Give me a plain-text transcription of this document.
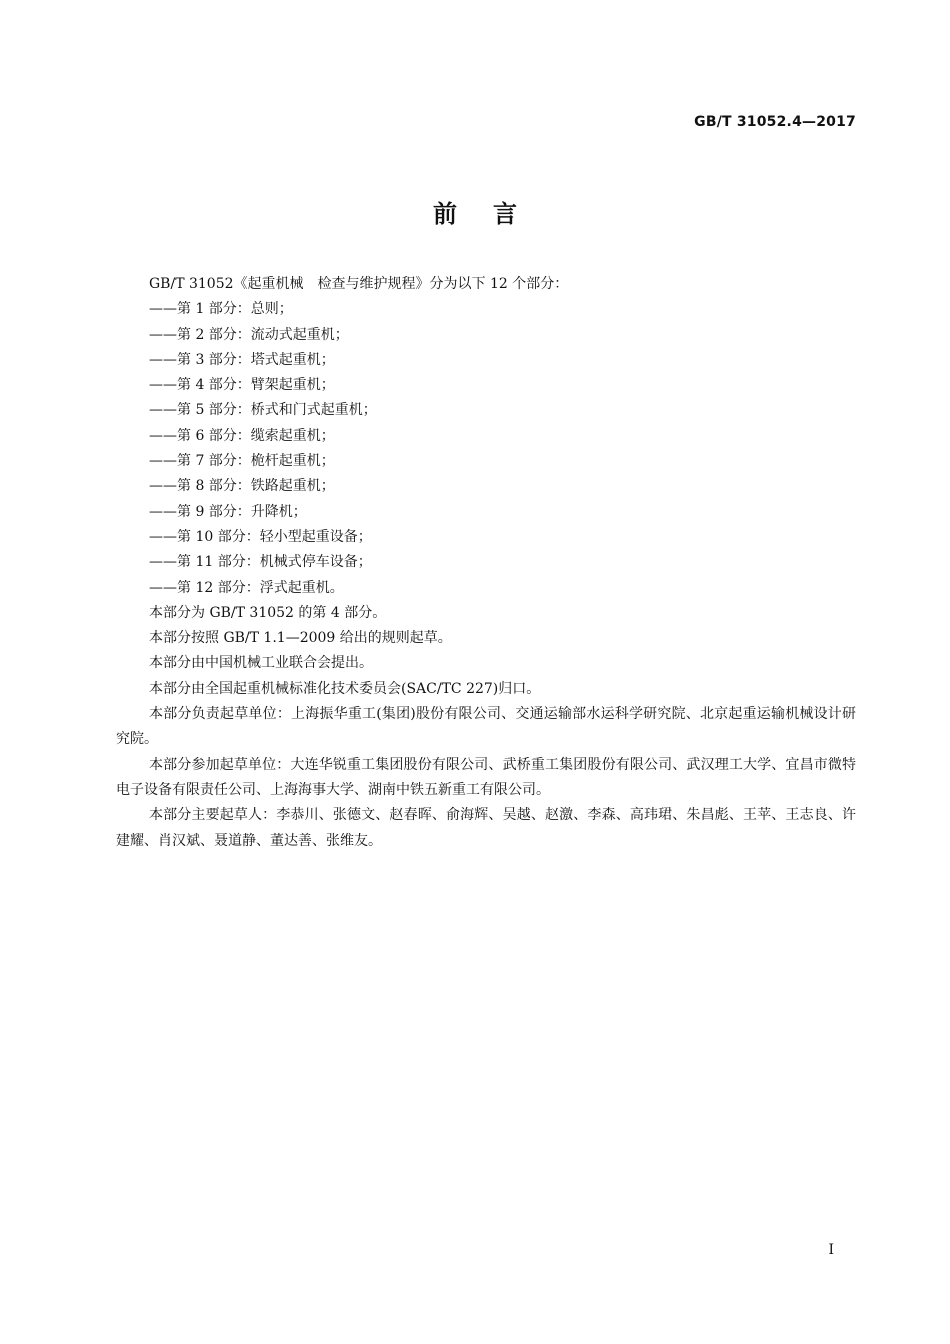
GB/T 31052.4—2017
前言

GB/T 31052《起重机械　检查与维护规程》分为以下 12 个部分：

——第 1 部分：总则；

——第 2 部分：流动式起重机；

——第 3 部分：塔式起重机；

——第 4 部分：臂架起重机；

——第 5 部分：桥式和门式起重机；

——第 6 部分：缆索起重机；

——第 7 部分：桅杆起重机；

——第 8 部分：铁路起重机；

——第 9 部分：升降机；

——第 10 部分：轻小型起重设备；

——第 11 部分：机械式停车设备；

——第 12 部分：浮式起重机。

本部分为 GB/T 31052 的第 4 部分。

本部分按照 GB/T 1.1—2009 给出的规则起草。

本部分由中国机械工业联合会提出。

本部分由全国起重机械标准化技术委员会(SAC/TC 227)归口。

本部分负责起草单位：上海振华重工(集团)股份有限公司、交通运输部水运科学研究院、北京起重运输机械设计研究院。

本部分参加起草单位：大连华锐重工集团股份有限公司、武桥重工集团股份有限公司、武汉理工大学、宜昌市微特电子设备有限责任公司、上海海事大学、湖南中铁五新重工有限公司。

本部分主要起草人：李恭川、张德文、赵春晖、俞海辉、吴越、赵激、李森、高玮珺、朱昌彪、王苹、王志良、许建耀、肖汉斌、聂道静、董达善、张维友。

I
